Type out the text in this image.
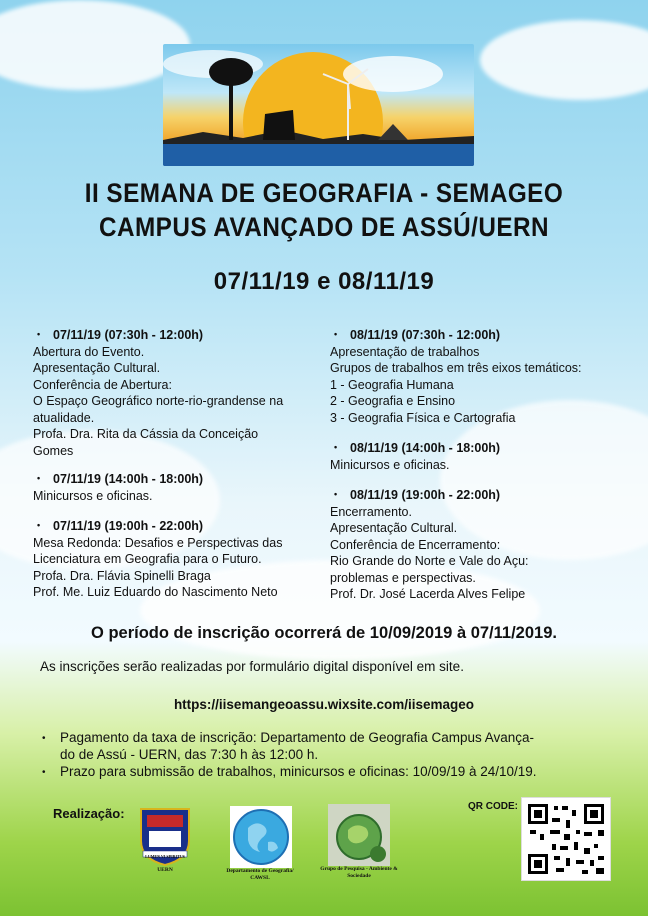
II SEMANA DE GEOGRAFIA - SEMAGEO
CAMPUS AVANÇADO DE ASSÚ/UERN
07/11/19 e 08/11/19
• 07/11/19 (07:30h - 12:00h)
Abertura do Evento.
Apresentação Cultural.
Conferência de Abertura:
O Espaço Geográfico norte-rio-grandense na
atualidade.
Profa. Dra. Rita da Cássia da Conceição
Gomes
• 07/11/19 (14:00h - 18:00h)
Minicursos e oficinas.
• 07/11/19 (19:00h - 22:00h)
Mesa Redonda: Desafios e Perspectivas das
Licenciatura em Geografia para o Futuro.
Profa. Dra. Flávia Spinelli Braga
Prof. Me. Luiz Eduardo do Nascimento Neto
• 08/11/19 (07:30h - 12:00h)
Apresentação de trabalhos
Grupos de trabalhos em três eixos temáticos:
1 - Geografia Humana
2 - Geografia e Ensino
3 - Geografia Física e Cartografia
• 08/11/19 (14:00h - 18:00h)
Minicursos e oficinas.
• 08/11/19 (19:00h - 22:00h)
Encerramento.
Apresentação Cultural.
Conferência de Encerramento:
Rio Grande do Norte e Vale do Açu:
problemas e perspectivas.
Prof. Dr. José Lacerda Alves Felipe
O período de inscrição ocorrerá de 10/09/2019 à 07/11/2019.
As inscrições serão realizadas por formulário digital disponível em site.
https://iisemangeoassu.wixsite.com/iisemageo
• Pagamento da taxa de inscrição: Departamento de Geografia Campus Avança-
do de Assú - UERN, das 7:30 h às 12:00 h.
• Prazo para submissão de trabalhos, minicursos e oficinas: 10/09/19 à 24/10/19.
Realização:	QR CODE:
LUMEN VI SPIRITUS
UERN	Departamento de Geografia/ CAWSL
Grupo de Pesquisa - Ambiente & Sociedade
